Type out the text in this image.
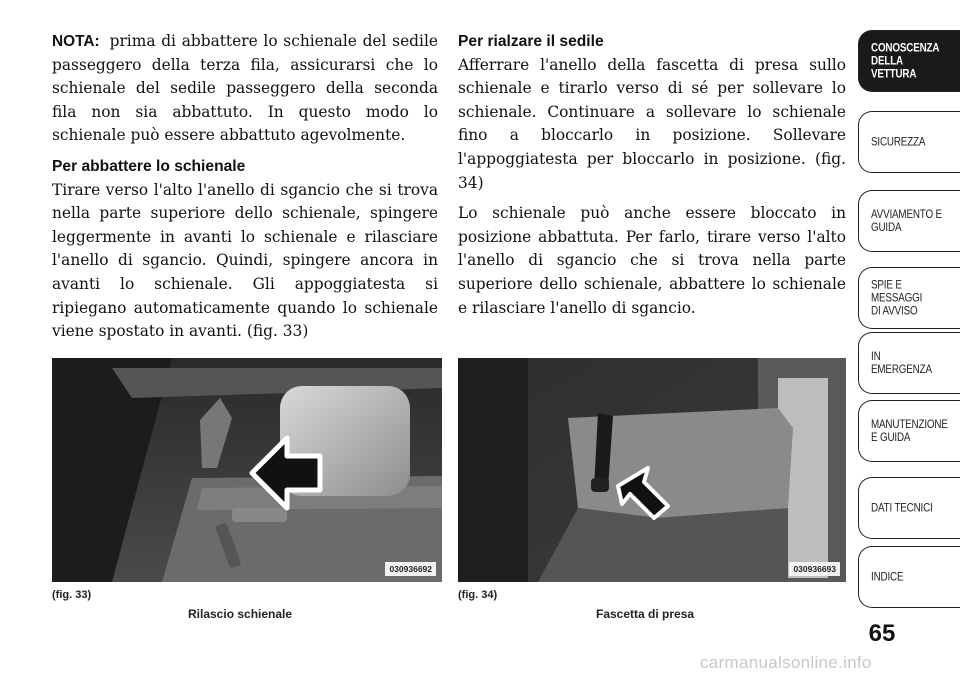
NOTA: prima di abbattere lo schienale del sedile passeggero della terza fila, assicurarsi che lo schienale del sedile passeggero della seconda fila non sia abbattuto. In questo modo lo schienale può essere abbattuto agevolmente.

Per abbattere lo schienale

Tirare verso l'alto l'anello di sgancio che si trova nella parte superiore dello schienale, spingere leggermente in avanti lo schienale e rilasciare l'anello di sgancio. Quindi, spingere ancora in avanti lo schienale. Gli appoggiatesta si ripiegano automaticamente quando lo schienale viene spostato in avanti. (fig. 33)

Per rialzare il sedile

Afferrare l'anello della fascetta di presa sullo schienale e tirarlo verso di sé per sollevare lo schienale. Continuare a sollevare lo schienale fino a bloccarlo in posizione. Sollevare l'appoggiatesta per bloccarlo in posizione. (fig. 34)

Lo schienale può anche essere bloccato in posizione abbattuta. Per farlo, tirare verso l'alto l'anello di sgancio che si trova nella parte superiore dello schienale, abbattere lo schienale e rilasciare l'anello di sgancio.

030936692
(fig. 33)
Rilascio schienale
030936693
(fig. 34)
Fascetta di presa
CONOSCENZA
DELLA VETTURA
SICUREZZA
AVVIAMENTO E
GUIDA
SPIE E
MESSAGGI
DI AVVISO
IN
EMERGENZA
MANUTENZIONE
E GUIDA
DATI TECNICI
INDICE
65
carmanualsonline.info
